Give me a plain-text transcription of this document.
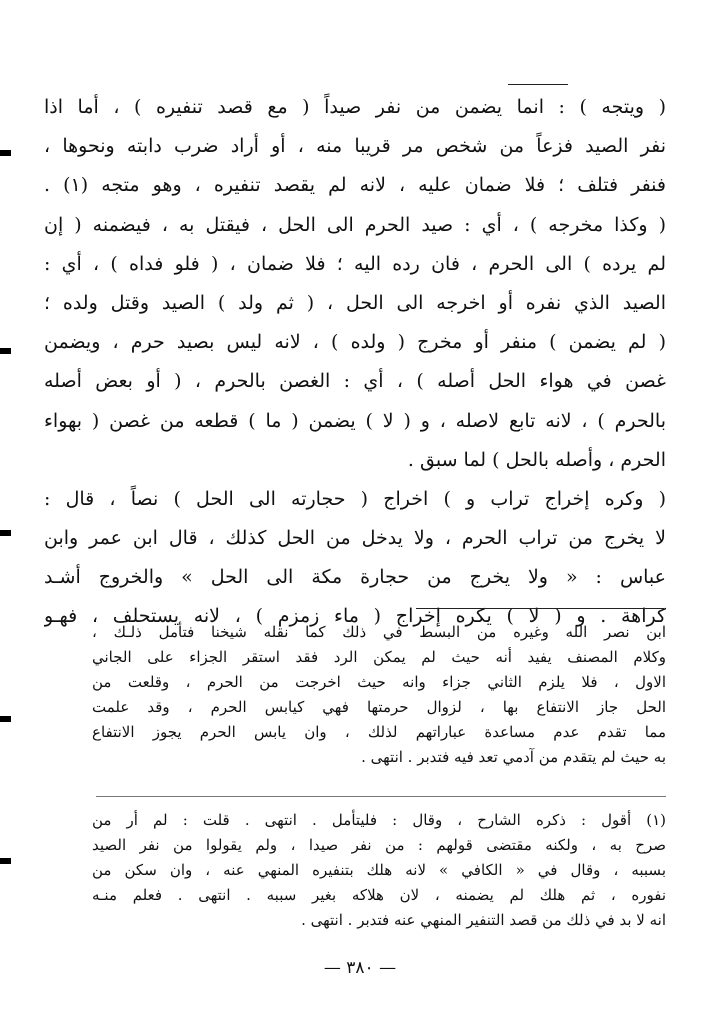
( ويتجه ) : انما يضمن من نفر صيداً ( مع قصد تنفيره ) ، أما اذا
نفر الصيد فزعاً من شخص مر قريبا منه ، أو أراد ضرب دابته ونحوها ،
فنفر فتلف ؛ فلا ضمان عليه ، لانه لم يقصد تنفيره ، وهو متجه (١) .
( وكذا مخرجه ) ، أي : صيد الحرم الى الحل ، فيقتل به ، فيضمنه ( إن
لم يرده ) الى الحرم ، فان رده اليه ؛ فلا ضمان ، ( فلو فداه ) ، أي :
الصيد الذي نفره أو اخرجه الى الحل ، ( ثم ولد ) الصيد وقتل ولده ؛
( لم يضمن ) منفر أو مخرج ( ولده ) ، لانه ليس بصيد حرم ، ويضمن
غصن في هواء الحل أصله ) ، أي : الغصن بالحرم ، ( أو بعض أصله
بالحرم ) ، لانه تابع لاصله ، و ( لا ) يضمن ( ما ) قطعه من غصن ( بهواء
الحرم ، وأصله بالحل ) لما سبق .
( وكره إخراج تراب و ) اخراج ( حجارته الى الحل ) نصاً ، قال :
لا يخرج من تراب الحرم ، ولا يدخل من الحل كذلك ، قال ابن عمر وابن
عباس : « ولا يخرج من حجارة مكة الى الحل » والخروج أشـد
كراهة . و ( لا ) يكره إخراج ( ماء زمزم ) ، لانه يستحلف ، فهـو
ابن نصر الله وغيره من البسط في ذلك كما نقله شيخنا فتأمل ذلـك ،
وكلام المصنف يفيد أنه حيث لم يمكن الرد فقد استقر الجزاء على الجاني
الاول ، فلا يلزم الثاني جزاء وانه حيث اخرجت من الحرم ، وقلعت من
الحل جاز الانتفاع بها ، لزوال حرمتها فهي كيابس الحرم ، وقد علمت
مما تقدم عدم مساعدة عباراتهم لذلك ، وان يابس الحرم يجوز الانتفاع
به حيث لم يتقدم من آدمي تعد فيه فتدبر . انتهى .
(١) أقول : ذكره الشارح ، وقال : فليتأمل . انتهى . قلت : لم أر من
صرح به ، ولكنه مقتضى قولهم : من نفر صيدا ، ولم يقولوا من نفر الصيد
بسببه ، وقال في « الكافي » لانه هلك بتنفيره المنهي عنه ، وان سكن من
نفوره ، ثم هلك لم يضمنه ، لان هلاكه بغير سببه . انتهى . فعلم منـه
انه لا بد في ذلك من قصد التنفير المنهي عنه فتدبر . انتهى .
— ٣٨٠ —
